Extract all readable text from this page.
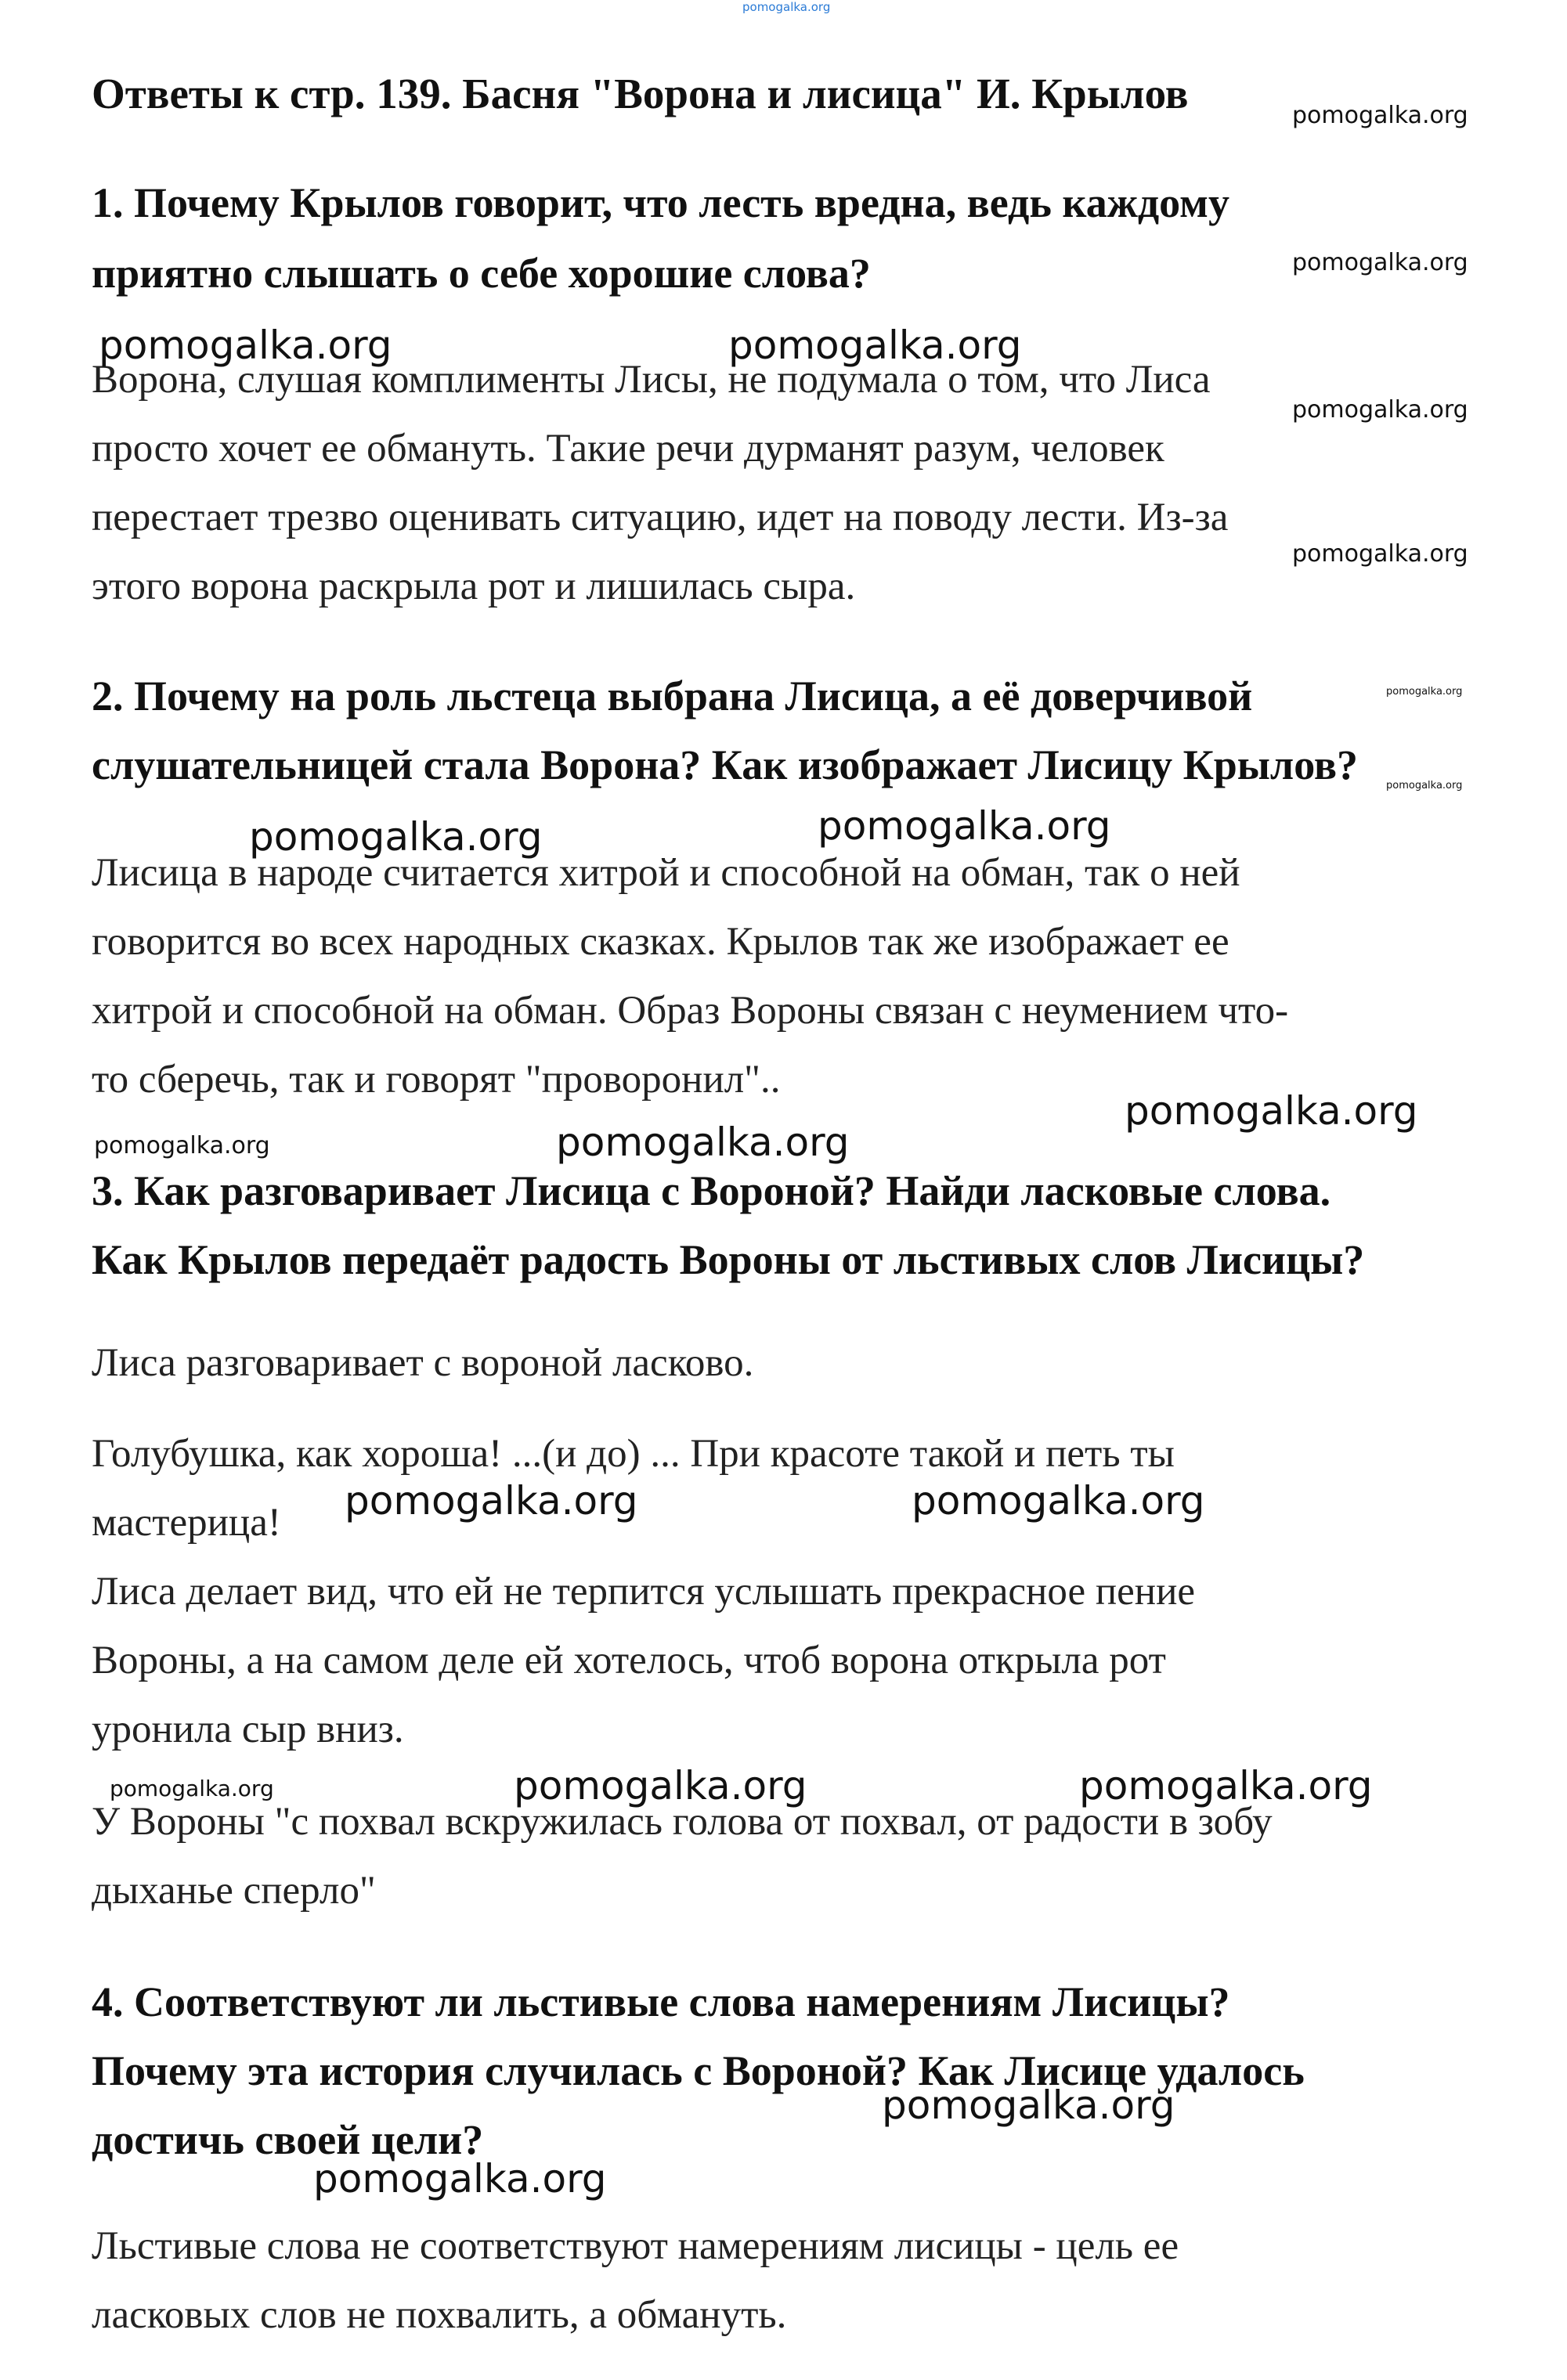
pomogalka.org
Ответы к стр. 139. Басня "Ворона и лисица" И. Крылов
1. Почему Крылов говорит, что лесть вредна, ведь каждому
приятно слышать о себе хорошие слова?
Ворона, слушая комплименты Лисы, не подумала о том, что Лиса
просто хочет ее обмануть. Такие речи дурманят разум, человек
перестает трезво оценивать ситуацию, идет на поводу лести. Из-за
этого ворона раскрыла рот и лишилась сыра.
2. Почему на роль льстеца выбрана Лисица, а её доверчивой
слушательницей стала Ворона? Как изображает Лисицу Крылов?
Лисица в народе считается хитрой и способной на обман, так о ней
говорится во всех народных сказках. Крылов так же изображает ее
хитрой и способной на обман. Образ Вороны связан с неумением что-
то сберечь, так и говорят "проворонил"..
3. Как разговаривает Лисица с Вороной? Найди ласковые слова.
Как Крылов передаёт радость Вороны от льстивых слов Лисицы?
Лиса разговаривает с вороной ласково.
Голубушка, как хороша! ...(и до) ... При красоте такой и петь ты
мастерица!
Лиса делает вид, что ей не терпится услышать прекрасное пение
Вороны, а на самом деле ей хотелось, чтоб ворона открыла рот
уронила сыр вниз.
У Вороны "с похвал вскружилась голова от похвал, от радости в зобу
дыханье сперло"
4. Соответствуют ли льстивые слова намерениям Лисицы?
Почему эта история случилась с Вороной? Как Лисице удалось
достичь своей цели?
Льстивые слова не соответствуют намерениям лисицы - цель ее
ласковых слов не похвалить, а обмануть.
pomogalka.org
pomogalka.org
pomogalka.org	pomogalka.org
pomogalka.org
pomogalka.org
pomogalka.org
pomogalka.org
pomogalka.org	pomogalka.org
pomogalka.org
pomogalka.org	pomogalka.org
pomogalka.org	pomogalka.org
pomogalka.org	pomogalka.org	pomogalka.org
pomogalka.org
pomogalka.org
